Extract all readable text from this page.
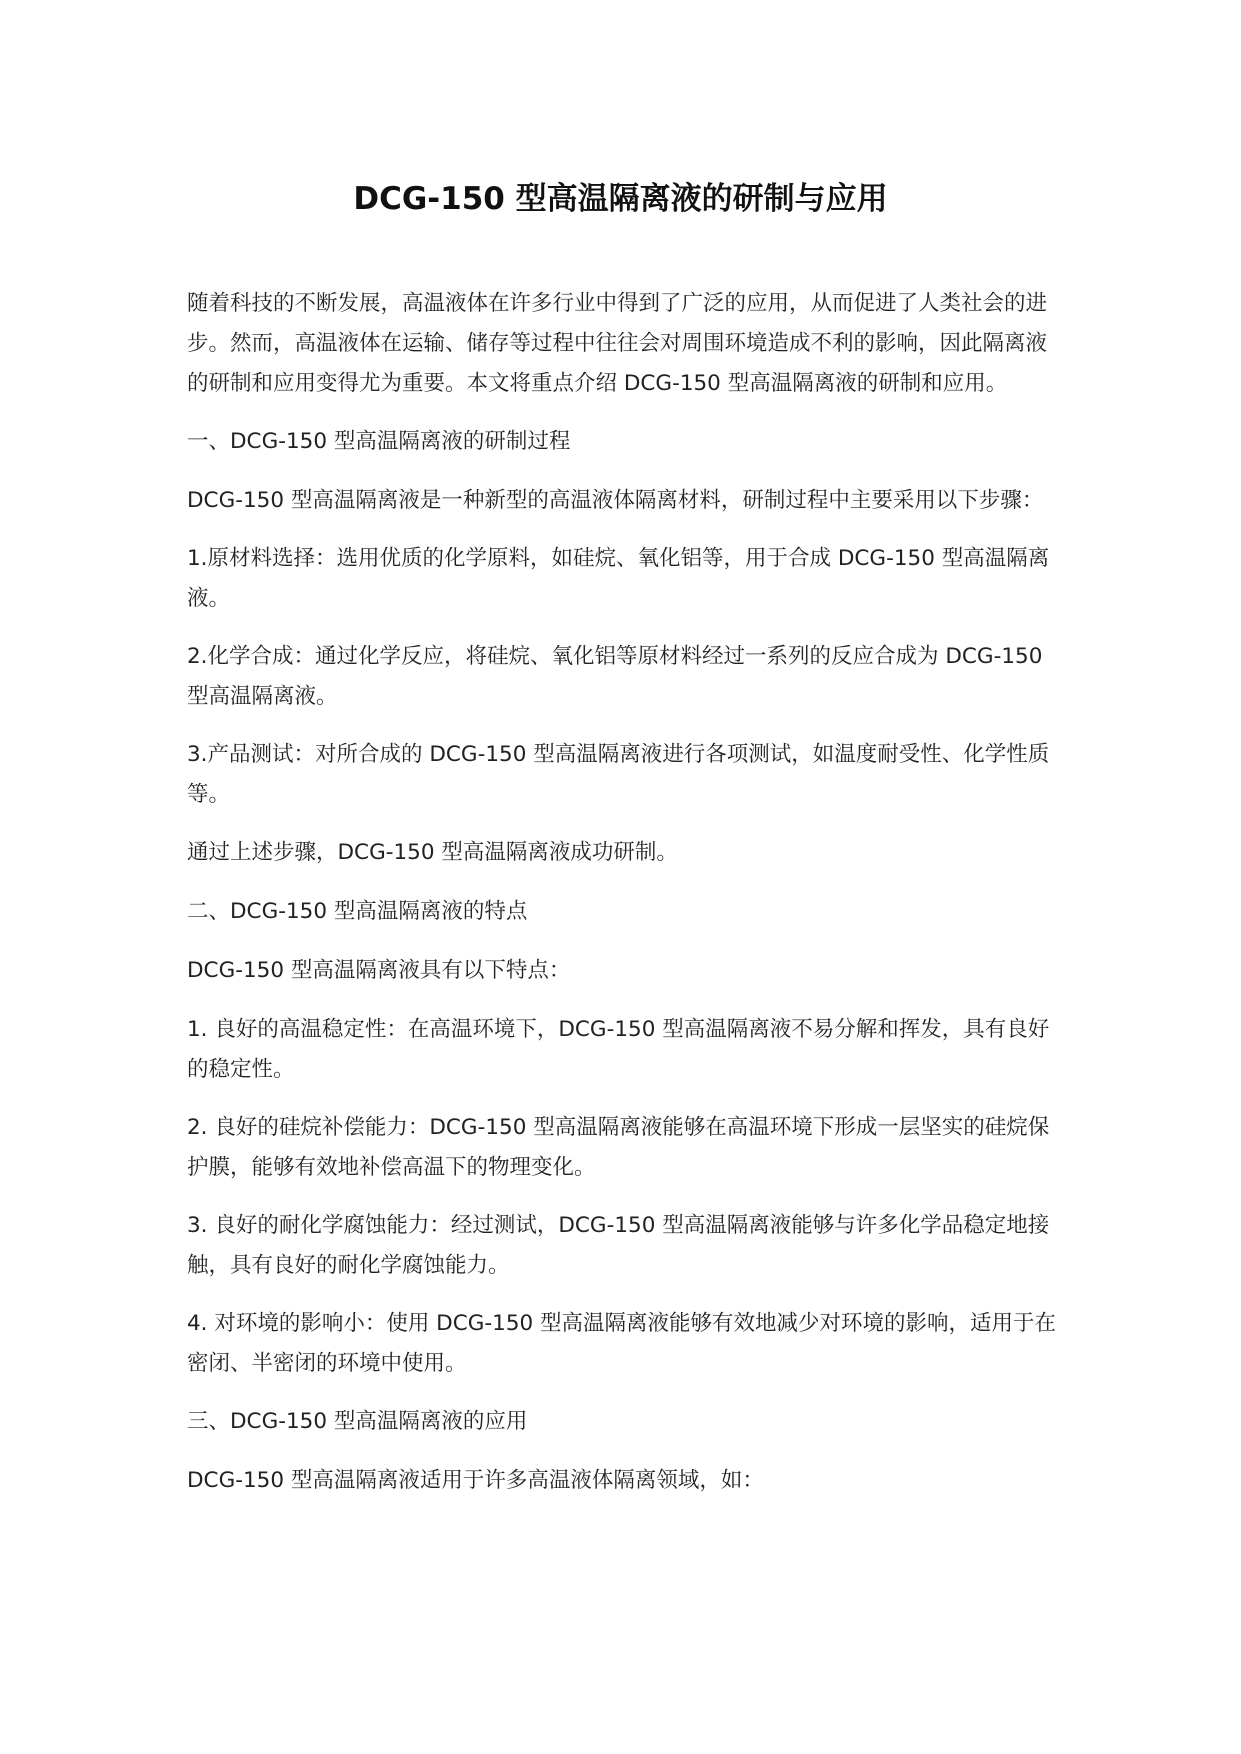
DCG-150 型高温隔离液的研制与应用

随着科技的不断发展，高温液体在许多行业中得到了广泛的应用，从而促进了人类社会的进步。然而，高温液体在运输、储存等过程中往往会对周围环境造成不利的影响，因此隔离液的研制和应用变得尤为重要。本文将重点介绍 DCG-150 型高温隔离液的研制和应用。

一、DCG-150 型高温隔离液的研制过程

DCG-150 型高温隔离液是一种新型的高温液体隔离材料，研制过程中主要采用以下步骤：

1.原材料选择：选用优质的化学原料，如硅烷、氧化铝等，用于合成 DCG-150 型高温隔离液。

2.化学合成：通过化学反应，将硅烷、氧化铝等原材料经过一系列的反应合成为 DCG-150 型高温隔离液。

3.产品测试：对所合成的 DCG-150 型高温隔离液进行各项测试，如温度耐受性、化学性质等。

通过上述步骤，DCG-150 型高温隔离液成功研制。

二、DCG-150 型高温隔离液的特点

DCG-150 型高温隔离液具有以下特点：

1. 良好的高温稳定性：在高温环境下，DCG-150 型高温隔离液不易分解和挥发，具有良好的稳定性。

2. 良好的硅烷补偿能力：DCG-150 型高温隔离液能够在高温环境下形成一层坚实的硅烷保护膜，能够有效地补偿高温下的物理变化。

3. 良好的耐化学腐蚀能力：经过测试，DCG-150 型高温隔离液能够与许多化学品稳定地接触，具有良好的耐化学腐蚀能力。

4. 对环境的影响小：使用 DCG-150 型高温隔离液能够有效地减少对环境的影响，适用于在密闭、半密闭的环境中使用。

三、DCG-150 型高温隔离液的应用

DCG-150 型高温隔离液适用于许多高温液体隔离领域，如：
